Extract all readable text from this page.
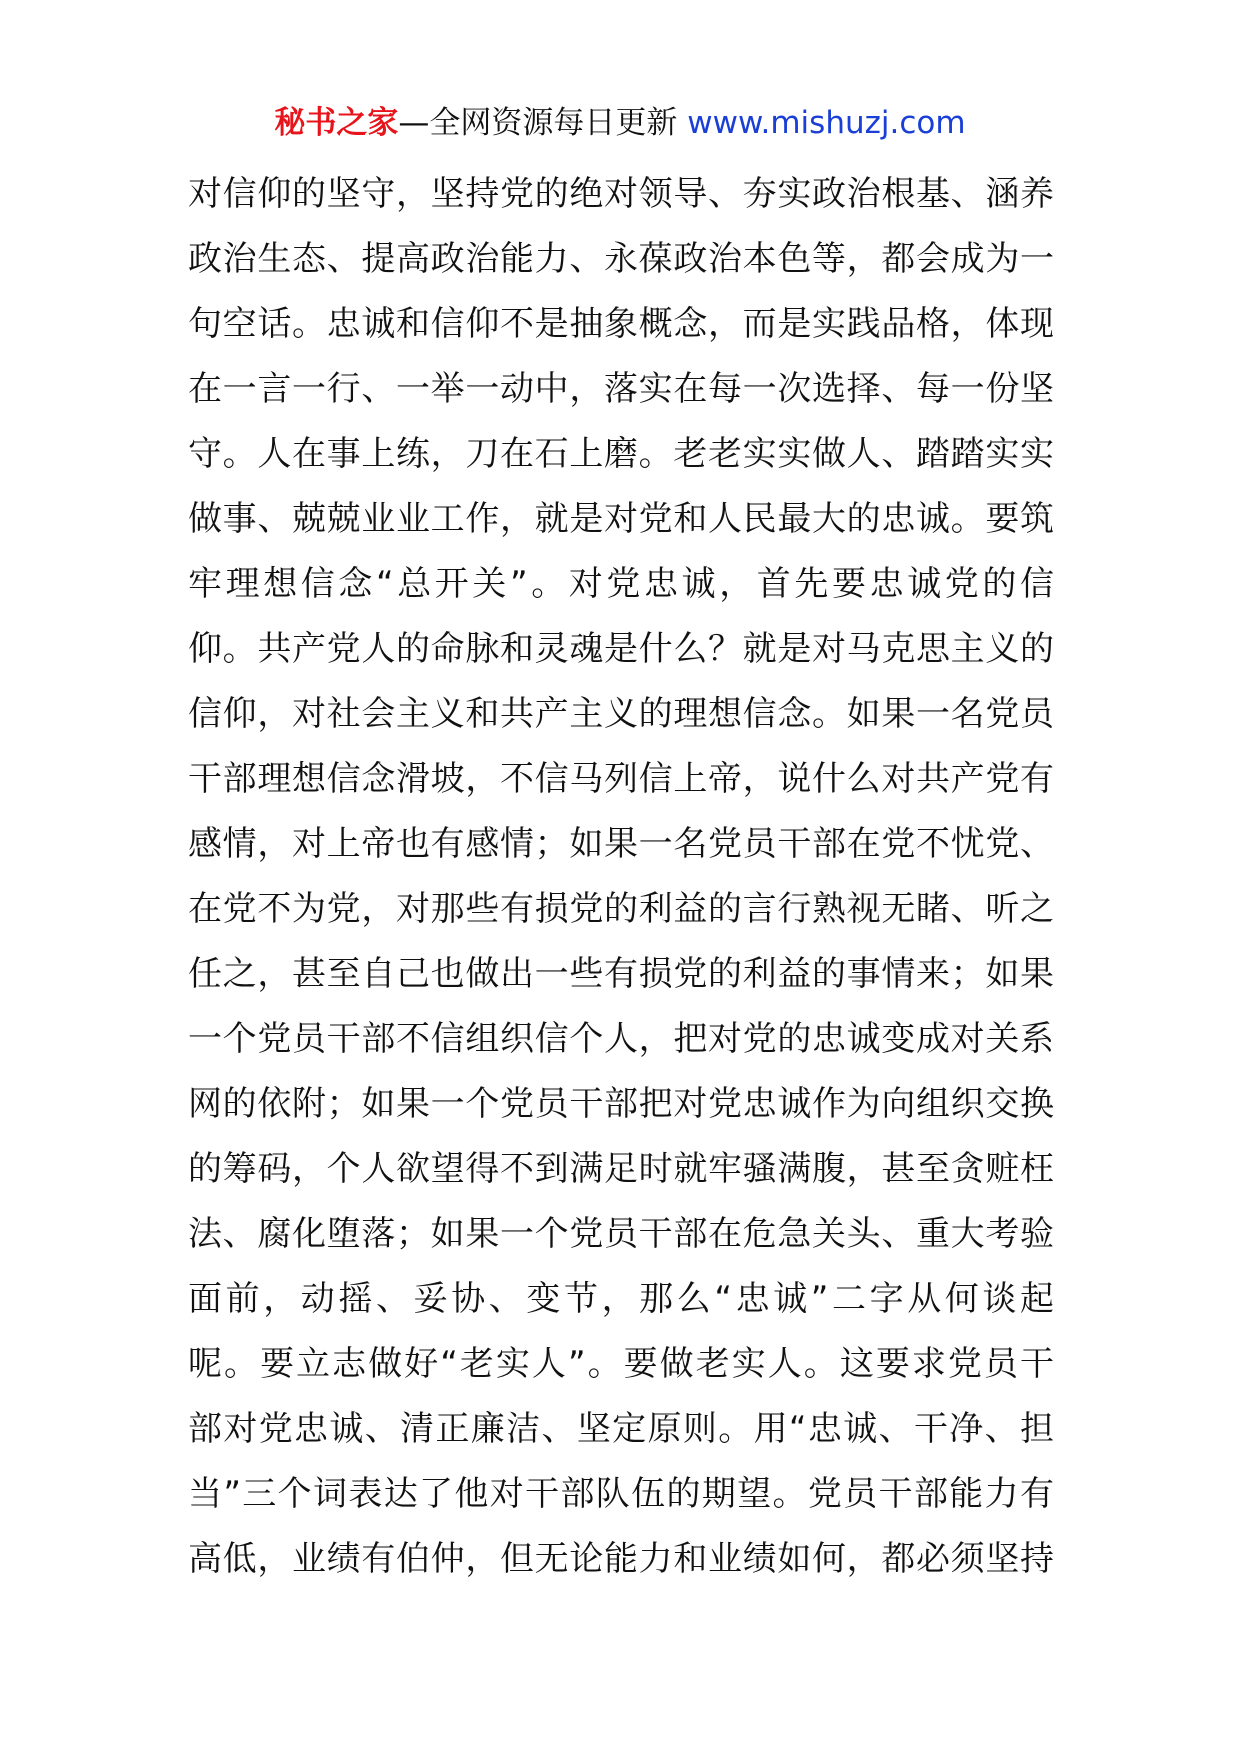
秘书之家—全网资源每日更新 www.mishuzj.com
对信仰的坚守，坚持党的绝对领导、夯实政治根基、涵养
政治生态、提高政治能力、永葆政治本色等，都会成为一
句空话。忠诚和信仰不是抽象概念，而是实践品格，体现
在一言一行、一举一动中，落实在每一次选择、每一份坚
守。人在事上练，刀在石上磨。老老实实做人、踏踏实实
做事、兢兢业业工作，就是对党和人民最大的忠诚。要筑
牢理想信念“总开关”。对党忠诚，首先要忠诚党的信
仰。共产党人的命脉和灵魂是什么？就是对马克思主义的
信仰，对社会主义和共产主义的理想信念。如果一名党员
干部理想信念滑坡，不信马列信上帝，说什么对共产党有
感情，对上帝也有感情；如果一名党员干部在党不忧党、
在党不为党，对那些有损党的利益的言行熟视无睹、听之
任之，甚至自己也做出一些有损党的利益的事情来；如果
一个党员干部不信组织信个人，把对党的忠诚变成对关系
网的依附；如果一个党员干部把对党忠诚作为向组织交换
的筹码，个人欲望得不到满足时就牢骚满腹，甚至贪赃枉
法、腐化堕落；如果一个党员干部在危急关头、重大考验
面前，动摇、妥协、变节，那么“忠诚”二字从何谈起
呢。要立志做好“老实人”。要做老实人。这要求党员干
部对党忠诚、清正廉洁、坚定原则。用“忠诚、干净、担
当”三个词表达了他对干部队伍的期望。党员干部能力有
高低，业绩有伯仲，但无论能力和业绩如何，都必须坚持
